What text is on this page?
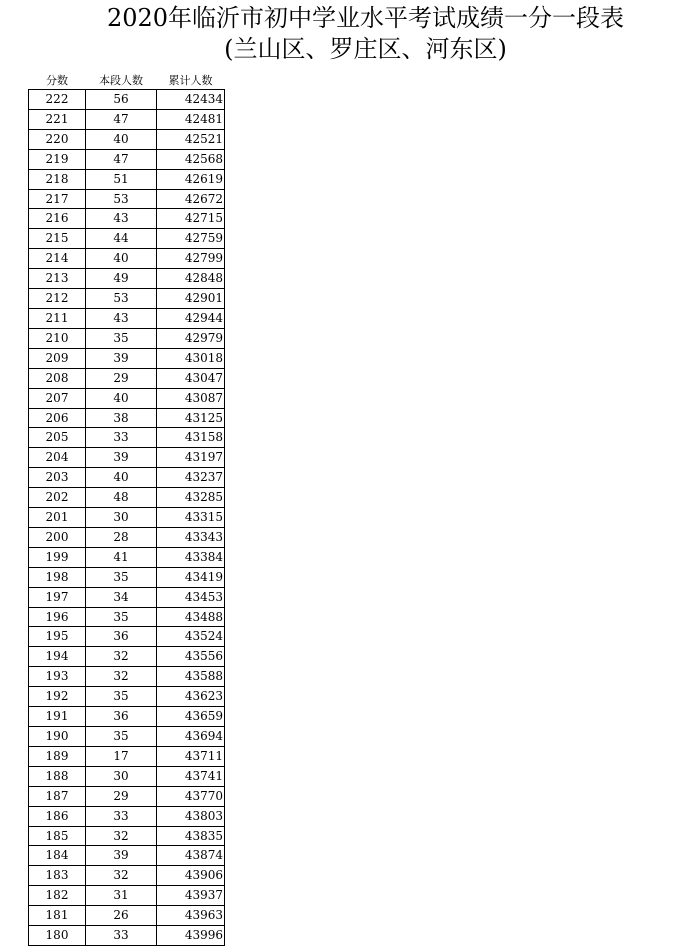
2020年临沂市初中学业水平考试成绩一分一段表
(兰山区、罗庄区、河东区)
分数	本段人数	累计人数
222	56	42434
221	47	42481
220	40	42521
219	47	42568
218	51	42619
217	53	42672
216	43	42715
215	44	42759
214	40	42799
213	49	42848
212	53	42901
211	43	42944
210	35	42979
209	39	43018
208	29	43047
207	40	43087
206	38	43125
205	33	43158
204	39	43197
203	40	43237
202	48	43285
201	30	43315
200	28	43343
199	41	43384
198	35	43419
197	34	43453
196	35	43488
195	36	43524
194	32	43556
193	32	43588
192	35	43623
191	36	43659
190	35	43694
189	17	43711
188	30	43741
187	29	43770
186	33	43803
185	32	43835
184	39	43874
183	32	43906
182	31	43937
181	26	43963
180	33	43996
